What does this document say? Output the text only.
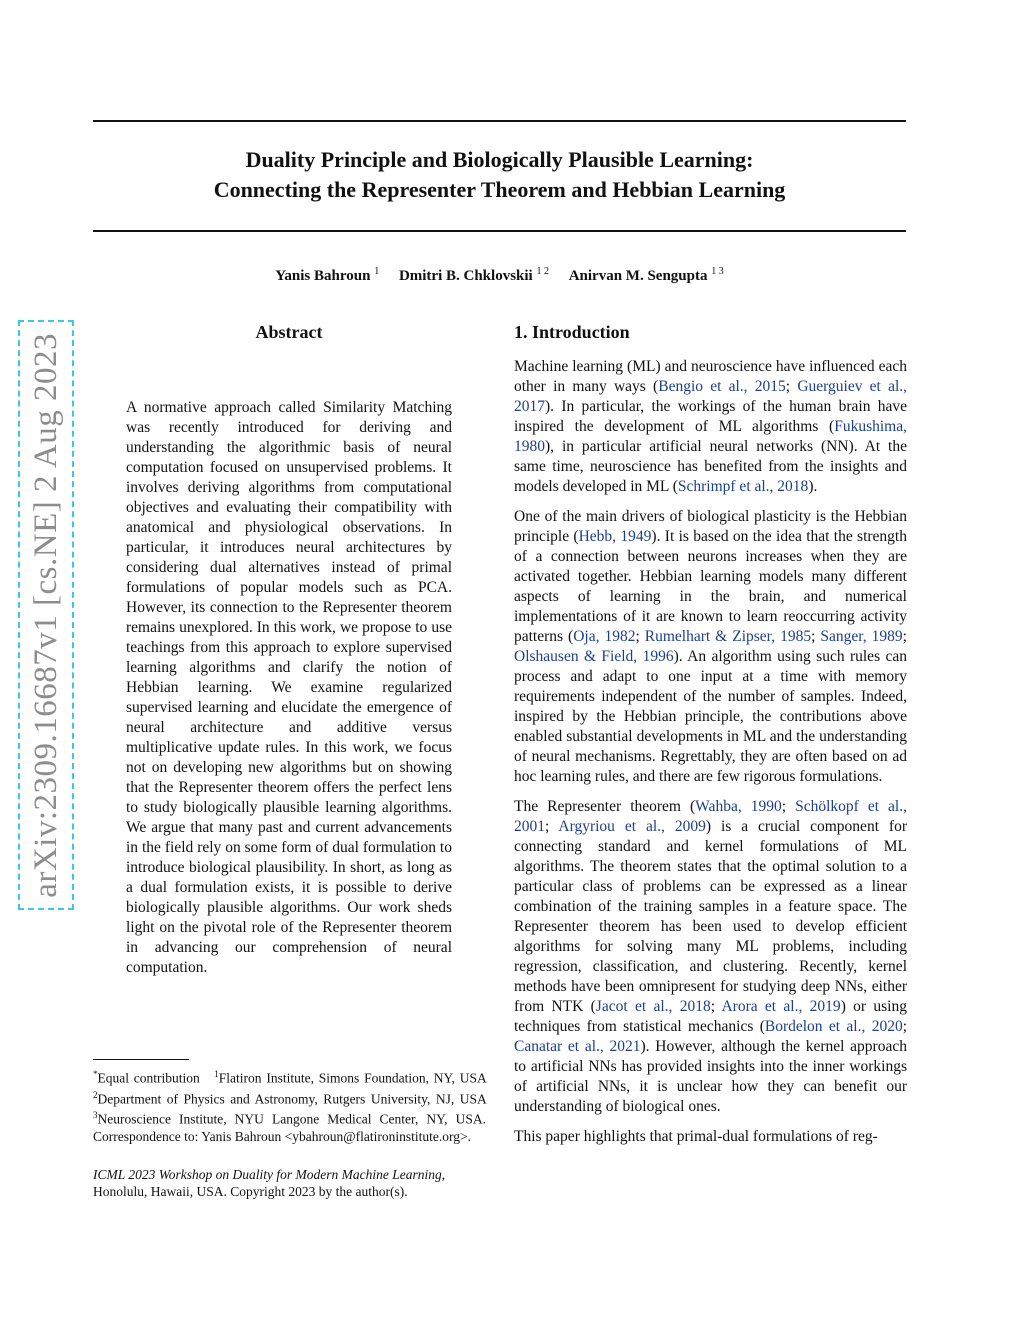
arXiv:2309.16687v1 [cs.NE] 2 Aug 2023
Duality Principle and Biologically Plausible Learning:
Connecting the Representer Theorem and Hebbian Learning
Yanis Bahroun $^1$ Dmitri B. Chklovskii $^{1 2}$ Anirvan M. Sengupta $^{1 3}$
Abstract
A normative approach called Similarity Matching was recently introduced for deriving and understanding the algorithmic basis of neural computation focused on unsupervised problems. It involves deriving algorithms from computational objectives and evaluating their compatibility with anatomical and physiological observations. In particular, it introduces neural architectures by considering dual alternatives instead of primal formulations of popular models such as PCA. However, its connection to the Representer theorem remains unexplored. In this work, we propose to use teachings from this approach to explore supervised learning algorithms and clarify the notion of Hebbian learning. We examine regularized supervised learning and elucidate the emergence of neural architecture and additive versus multiplicative update rules. In this work, we focus not on developing new algorithms but on showing that the Representer theorem offers the perfect lens to study biologically plausible learning algorithms. We argue that many past and current advancements in the field rely on some form of dual formulation to introduce biological plausibility. In short, as long as a dual formulation exists, it is possible to derive biologically plausible algorithms. Our work sheds light on the pivotal role of the Representer theorem in advancing our comprehension of neural computation.
1. Introduction

Machine learning (ML) and neuroscience have influenced each other in many ways (Bengio et al., 2015; Guerguiev et al., 2017). In particular, the workings of the human brain have inspired the development of ML algorithms (Fukushima, 1980), in particular artificial neural networks (NN). At the same time, neuroscience has benefited from the insights and models developed in ML (Schrimpf et al., 2018).

One of the main drivers of biological plasticity is the Hebbian principle (Hebb, 1949). It is based on the idea that the strength of a connection between neurons increases when they are activated together. Hebbian learning models many different aspects of learning in the brain, and numerical implementations of it are known to learn reoccurring activity patterns (Oja, 1982; Rumelhart & Zipser, 1985; Sanger, 1989; Olshausen & Field, 1996). An algorithm using such rules can process and adapt to one input at a time with memory requirements independent of the number of samples. Indeed, inspired by the Hebbian principle, the contributions above enabled substantial developments in ML and the understanding of neural mechanisms. Regrettably, they are often based on ad hoc learning rules, and there are few rigorous formulations.

The Representer theorem (Wahba, 1990; Schölkopf et al., 2001; Argyriou et al., 2009) is a crucial component for connecting standard and kernel formulations of ML algorithms. The theorem states that the optimal solution to a particular class of problems can be expressed as a linear combination of the training samples in a feature space. The Representer theorem has been used to develop efficient algorithms for solving many ML problems, including regression, classification, and clustering. Recently, kernel methods have been omnipresent for studying deep NNs, either from NTK (Jacot et al., 2018; Arora et al., 2019) or using techniques from statistical mechanics (Bordelon et al., 2020; Canatar et al., 2021). However, although the kernel approach to artificial NNs has provided insights into the inner workings of artificial NNs, it is unclear how they can benefit our understanding of biological ones.

This paper highlights that primal-dual formulations of reg-

*Equal contribution $^1$Flatiron Institute, Simons Foundation, NY, USA $^2$Department of Physics and Astronomy, Rutgers University, NJ, USA $^3$Neuroscience Institute, NYU Langone Medical Center, NY, USA. Correspondence to: Yanis Bahroun <ybahroun@flatironinstitute.org>.
ICML 2023 Workshop on Duality for Modern Machine Learning, Honolulu, Hawaii, USA. Copyright 2023 by the author(s).
